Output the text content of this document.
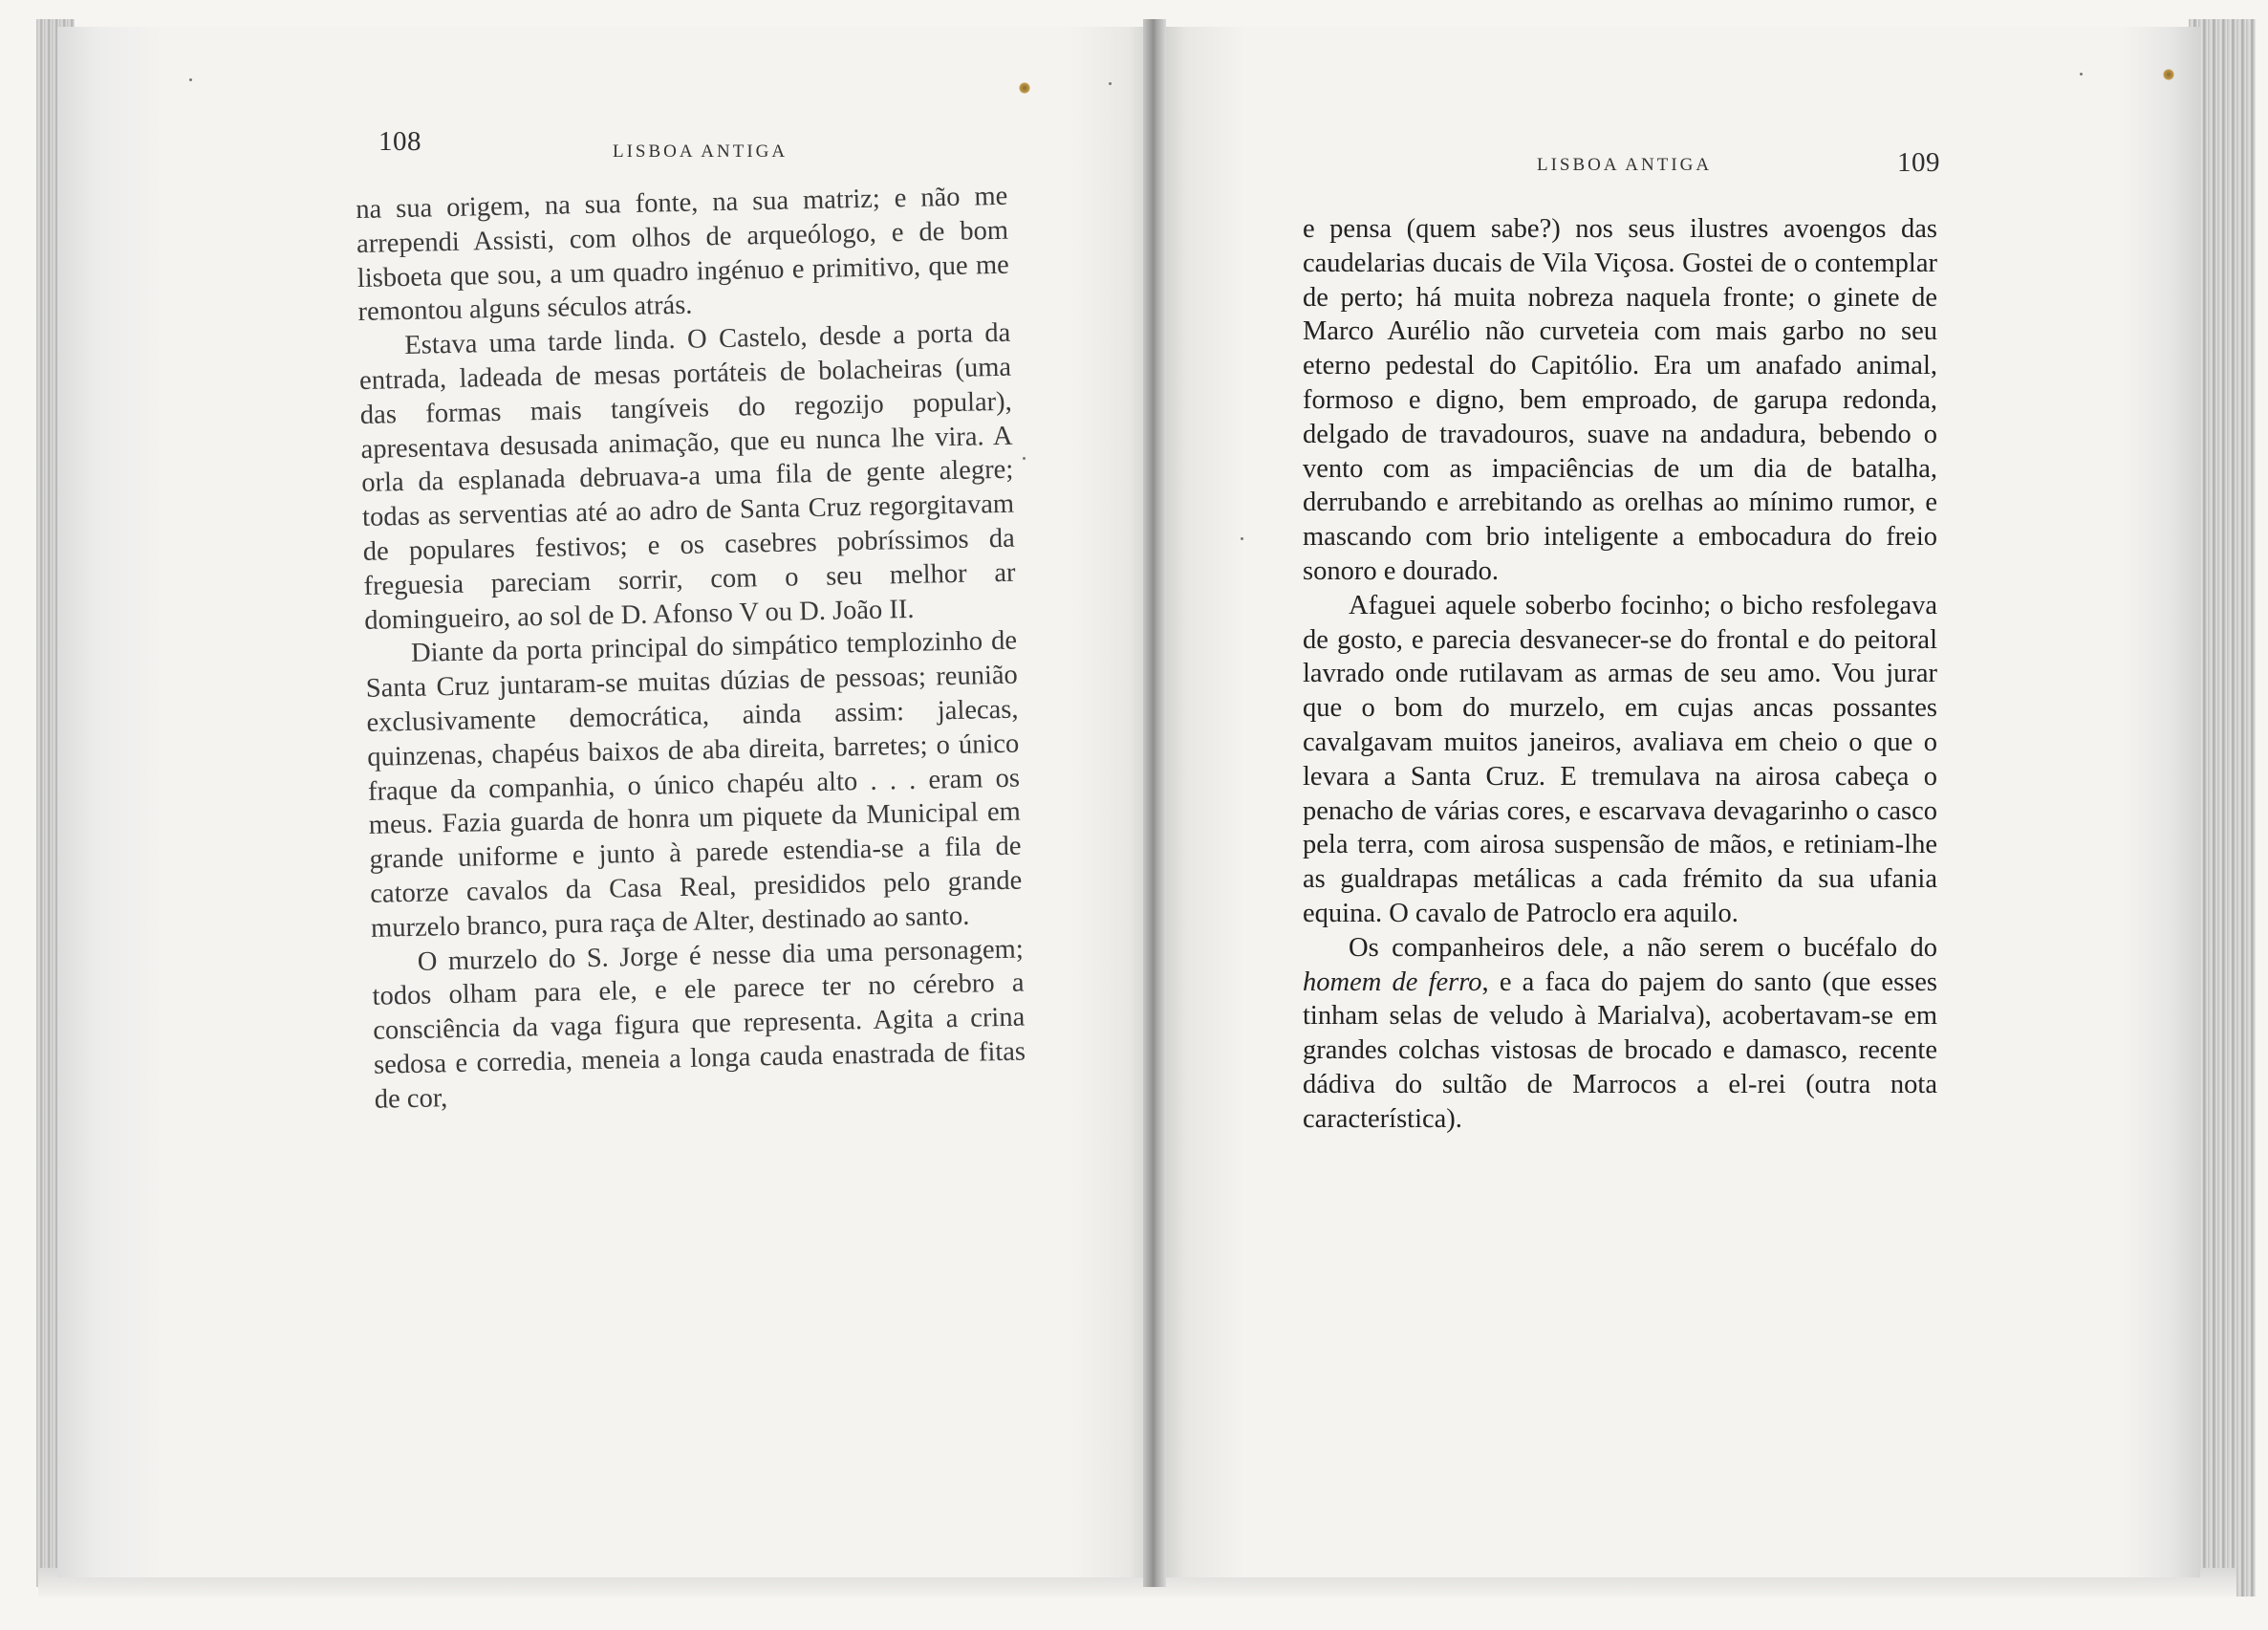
108	LISBOA ANTIGA

na sua origem, na sua fonte, na sua matriz; e não me arrependi Assisti, com olhos de arqueólogo, e de bom lisboeta que sou, a um quadro ingénuo e primitivo, que me remontou alguns séculos atrás.

Estava uma tarde linda. O Castelo, desde a porta da entrada, ladeada de mesas portáteis de bolacheiras (uma das formas mais tangíveis do regozijo popular), apresentava desusada animação, que eu nunca lhe vira. A orla da esplanada debruava-a uma fila de gente alegre; todas as serventias até ao adro de Santa Cruz regorgitavam de populares festivos; e os casebres pobríssimos da freguesia pareciam sorrir, com o seu melhor ar domingueiro, ao sol de D. Afonso V ou D. João II.

Diante da porta principal do simpático templozinho de Santa Cruz juntaram-se muitas dúzias de pessoas; reunião exclusivamente democrática, ainda assim: jalecas, quinzenas, chapéus baixos de aba direita, barretes; o único fraque da companhia, o único chapéu alto . . . eram os meus. Fazia guarda de honra um piquete da Municipal em grande uniforme e junto à parede estendia-se a fila de catorze cavalos da Casa Real, presididos pelo grande murzelo branco, pura raça de Alter, destinado ao santo.

O murzelo do S. Jorge é nesse dia uma personagem; todos olham para ele, e ele parece ter no cérebro a consciência da vaga figura que representa. Agita a crina sedosa e corredia, meneia a longa cauda enastrada de fitas de cor,

LISBOA ANTIGA	109

e pensa (quem sabe?) nos seus ilustres avoengos das caudelarias ducais de Vila Viçosa. Gostei de o contemplar de perto; há muita nobreza naquela fronte; o ginete de Marco Aurélio não curveteia com mais garbo no seu eterno pedestal do Capitólio. Era um anafado animal, formoso e digno, bem emproado, de garupa redonda, delgado de travadouros, suave na andadura, bebendo o vento com as impaciências de um dia de batalha, derrubando e arrebitando as orelhas ao mínimo rumor, e mascando com brio inteligente a embocadura do freio sonoro e dourado.

Afaguei aquele soberbo focinho; o bicho resfolegava de gosto, e parecia desvanecer-se do frontal e do peitoral lavrado onde rutilavam as armas de seu amo. Vou jurar que o bom do murzelo, em cujas ancas possantes cavalgavam muitos janeiros, avaliava em cheio o que o levara a Santa Cruz. E tremulava na airosa cabeça o penacho de várias cores, e escarvava devagarinho o casco pela terra, com airosa suspensão de mãos, e retiniam-lhe as gualdrapas metálicas a cada frémito da sua ufania equina. O cavalo de Patroclo era aquilo.

Os companheiros dele, a não serem o bucéfalo do homem de ferro, e a faca do pajem do santo (que esses tinham selas de veludo à Marialva), acobertavam-se em grandes colchas vistosas de brocado e damasco, recente dádiva do sultão de Marrocos a el-rei (outra nota característica).
